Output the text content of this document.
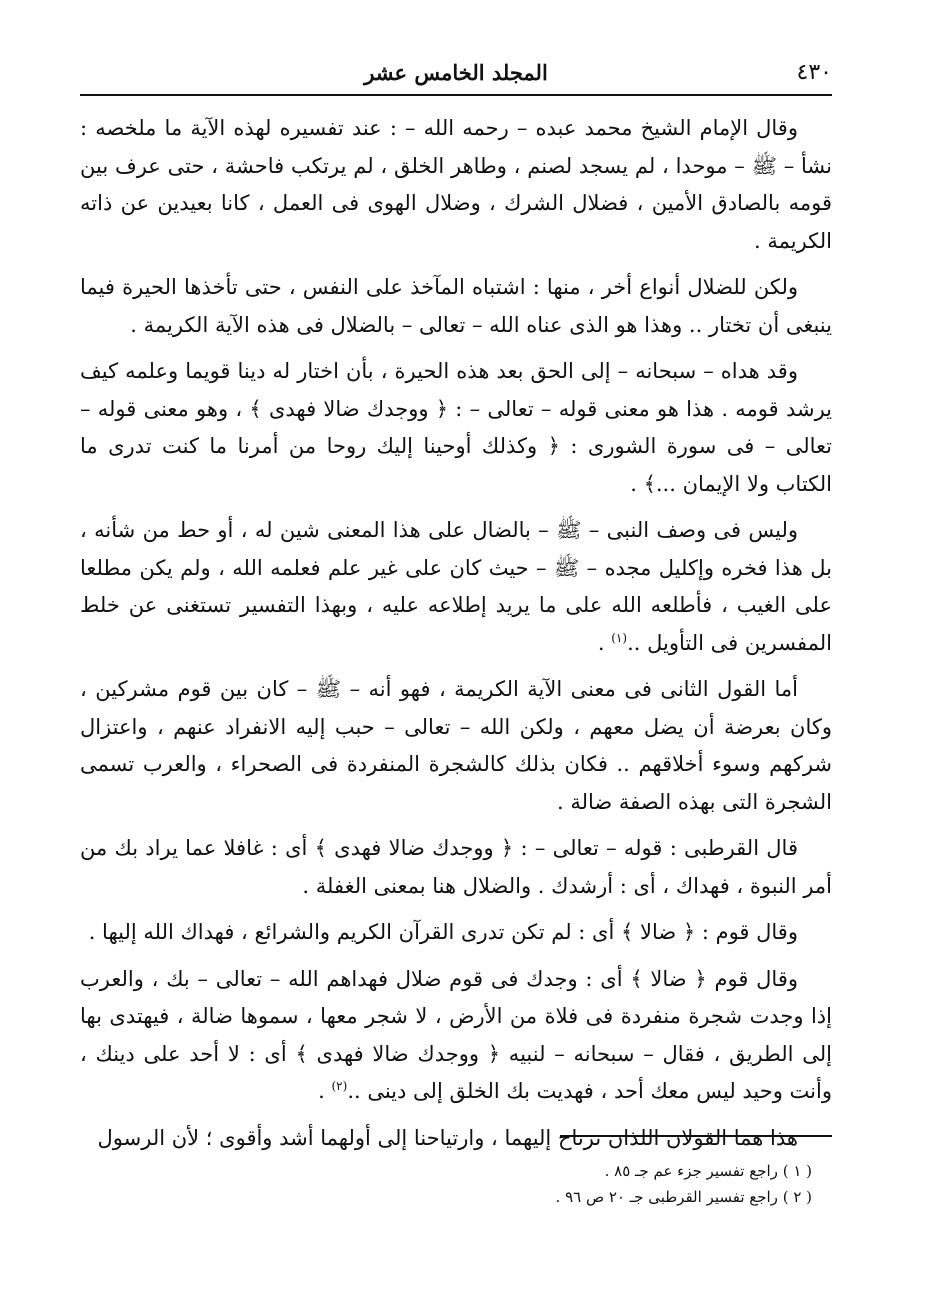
٤٣٠
المجلد الخامس عشر

وقال الإمام الشيخ محمد عبده – رحمه الله – : عند تفسيره لهذه الآية ما ملخصه : نشأ – ﷺ – موحدا ، لم يسجد لصنم ، وطاهر الخلق ، لم يرتكب فاحشة ، حتى عرف بين قومه بالصادق الأمين ، فضلال الشرك ، وضلال الهوى فى العمل ، كانا بعيدين عن ذاته الكريمة .

ولكن للضلال أنواع أخر ، منها : اشتباه المآخذ على النفس ، حتى تأخذها الحيرة فيما ينبغى أن تختار .. وهذا هو الذى عناه الله – تعالى – بالضلال فى هذه الآية الكريمة .

وقد هداه – سبحانه – إلى الحق بعد هذه الحيرة ، بأن اختار له دينا قويما وعلمه كيف يرشد قومه . هذا هو معنى قوله – تعالى – : ﴿ ووجدك ضالا فهدى ﴾ ، وهو معنى قوله – تعالى – فى سورة الشورى : ﴿ وكذلك أوحينا إليك روحا من أمرنا ما كنت تدرى ما الكتاب ولا الإيمان ...﴾ .

وليس فى وصف النبى – ﷺ – بالضال على هذا المعنى شين له ، أو حط من شأنه ، بل هذا فخره وإكليل مجده – ﷺ – حيث كان على غير علم فعلمه الله ، ولم يكن مطلعا على الغيب ، فأطلعه الله على ما يريد إطلاعه عليه ، وبهذا التفسير تستغنى عن خلط المفسرين فى التأويل ..$^{(١)}$ .

أما القول الثانى فى معنى الآية الكريمة ، فهو أنه – ﷺ – كان بين قوم مشركين ، وكان بعرضة أن يضل معهم ، ولكن الله – تعالى – حبب إليه الانفراد عنهم ، واعتزال شركهم وسوء أخلاقهم .. فكان بذلك كالشجرة المنفردة فى الصحراء ، والعرب تسمى الشجرة التى بهذه الصفة ضالة .

قال القرطبى : قوله – تعالى – : ﴿ ووجدك ضالا فهدى ﴾ أى : غافلا عما يراد بك من أمر النبوة ، فهداك ، أى : أرشدك . والضلال هنا بمعنى الغفلة .

وقال قوم : ﴿ ضالا ﴾ أى : لم تكن تدرى القرآن الكريم والشرائع ، فهداك الله إليها .

وقال قوم ﴿ ضالا ﴾ أى : وجدك فى قوم ضلال فهداهم الله – تعالى – بك ، والعرب إذا وجدت شجرة منفردة فى فلاة من الأرض ، لا شجر معها ، سموها ضالة ، فيهتدى بها إلى الطريق ، فقال – سبحانه – لنبيه ﴿ ووجدك ضالا فهدى ﴾ أى : لا أحد على دينك ، وأنت وحيد ليس معك أحد ، فهديت بك الخلق إلى دينى ..$^{(٢)}$ .

هذا هما القولان اللذان نرتاح إليهما ، وارتياحنا إلى أولهما أشد وأقوى ؛ لأن الرسول

( ١ ) راجع تفسير جزء عم جـ ٨٥ .

( ٢ ) راجع تفسير القرطبى جـ ٢٠ ص ٩٦ .
